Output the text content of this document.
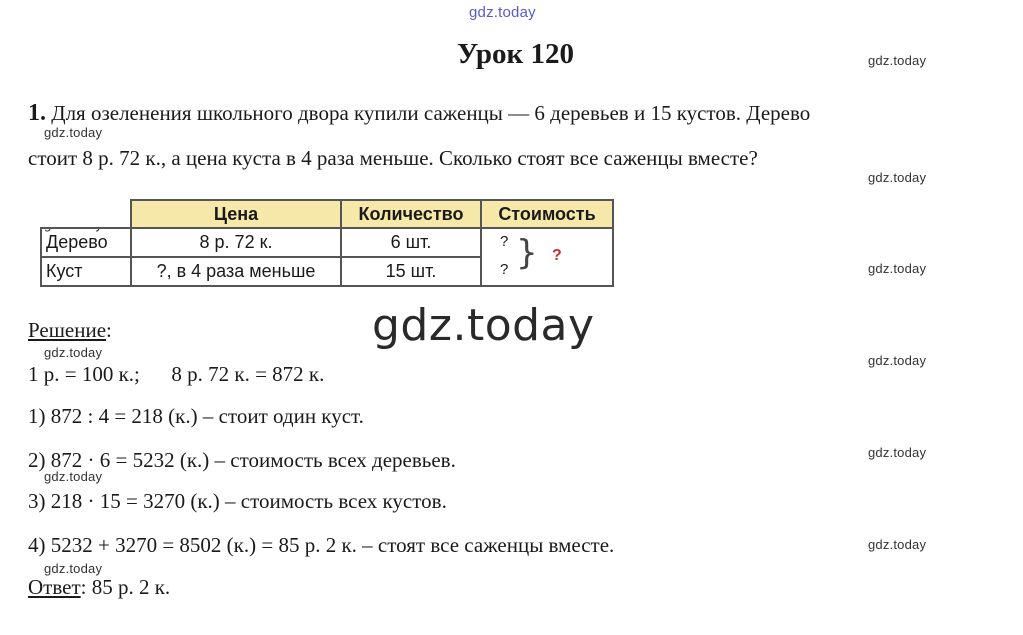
gdz.today
gdz.today
gdz.today
gdz.today
gdz.today
gdz.today
gdz.today
gdz.today
gdz.today
gdz.today
gdz.today
gdz.today
Урок 120
1. Для озеленения школьного двора купили саженцы — 6 деревьев и 15 кустов. Дерево
стоит 8 р. 72 к., а цена куста в 4 раза меньше. Сколько стоят все саженцы вместе?
	Цена	Количество	Стоимость
Дерево	8 р. 72 к.	6 шт.	?
? } ?

Куст	?, в 4 раза меньше	15 шт.	
Решение:
1 р. = 100 к.;      8 р. 72 к. = 872 к.
1) 872 : 4 = 218 (к.) – стоит один куст.
2) 872 · 6 = 5232 (к.) – стоимость всех деревьев.
3) 218 · 15 = 3270 (к.) – стоимость всех кустов.
4) 5232 + 3270 = 8502 (к.) = 85 р. 2 к. – стоят все саженцы вместе.
Ответ: 85 р. 2 к.
